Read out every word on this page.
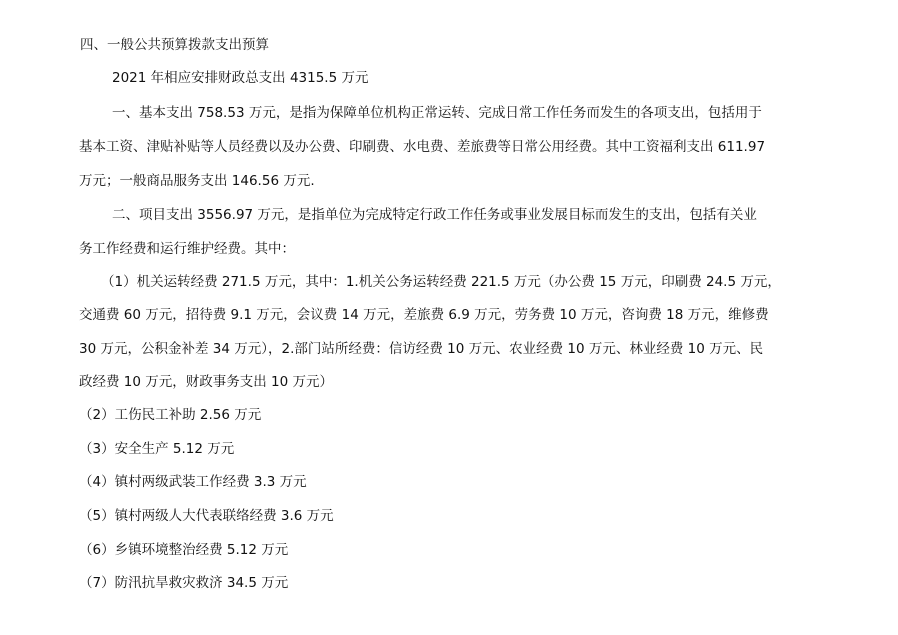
四、一般公共预算拨款支出预算
2021 年相应安排财政总支出 4315.5 万元
一、基本支出 758.53 万元，是指为保障单位机构正常运转、完成日常工作任务而发生的各项支出，包括用于
基本工资、津贴补贴等人员经费以及办公费、印刷费、水电费、差旅费等日常公用经费。其中工资福利支出 611.97
万元；一般商品服务支出 146.56 万元.
二、项目支出 3556.97 万元，是指单位为完成特定行政工作任务或事业发展目标而发生的支出，包括有关业
务工作经费和运行维护经费。其中：
（1）机关运转经费 271.5 万元，其中：1.机关公务运转经费 221.5 万元（办公费 15 万元，印刷费 24.5 万元，
交通费 60 万元，招待费 9.1 万元，会议费 14 万元，差旅费 6.9 万元，劳务费 10 万元，咨询费 18 万元，维修费
30 万元，公积金补差 34 万元），2.部门站所经费：信访经费 10 万元、农业经费 10 万元、林业经费 10 万元、民
政经费 10 万元，财政事务支出 10 万元）
（2）工伤民工补助 2.56 万元
（3）安全生产 5.12 万元
（4）镇村两级武装工作经费 3.3 万元
（5）镇村两级人大代表联络经费 3.6 万元
（6）乡镇环境整治经费 5.12 万元
（7）防汛抗旱救灾救济 34.5 万元
